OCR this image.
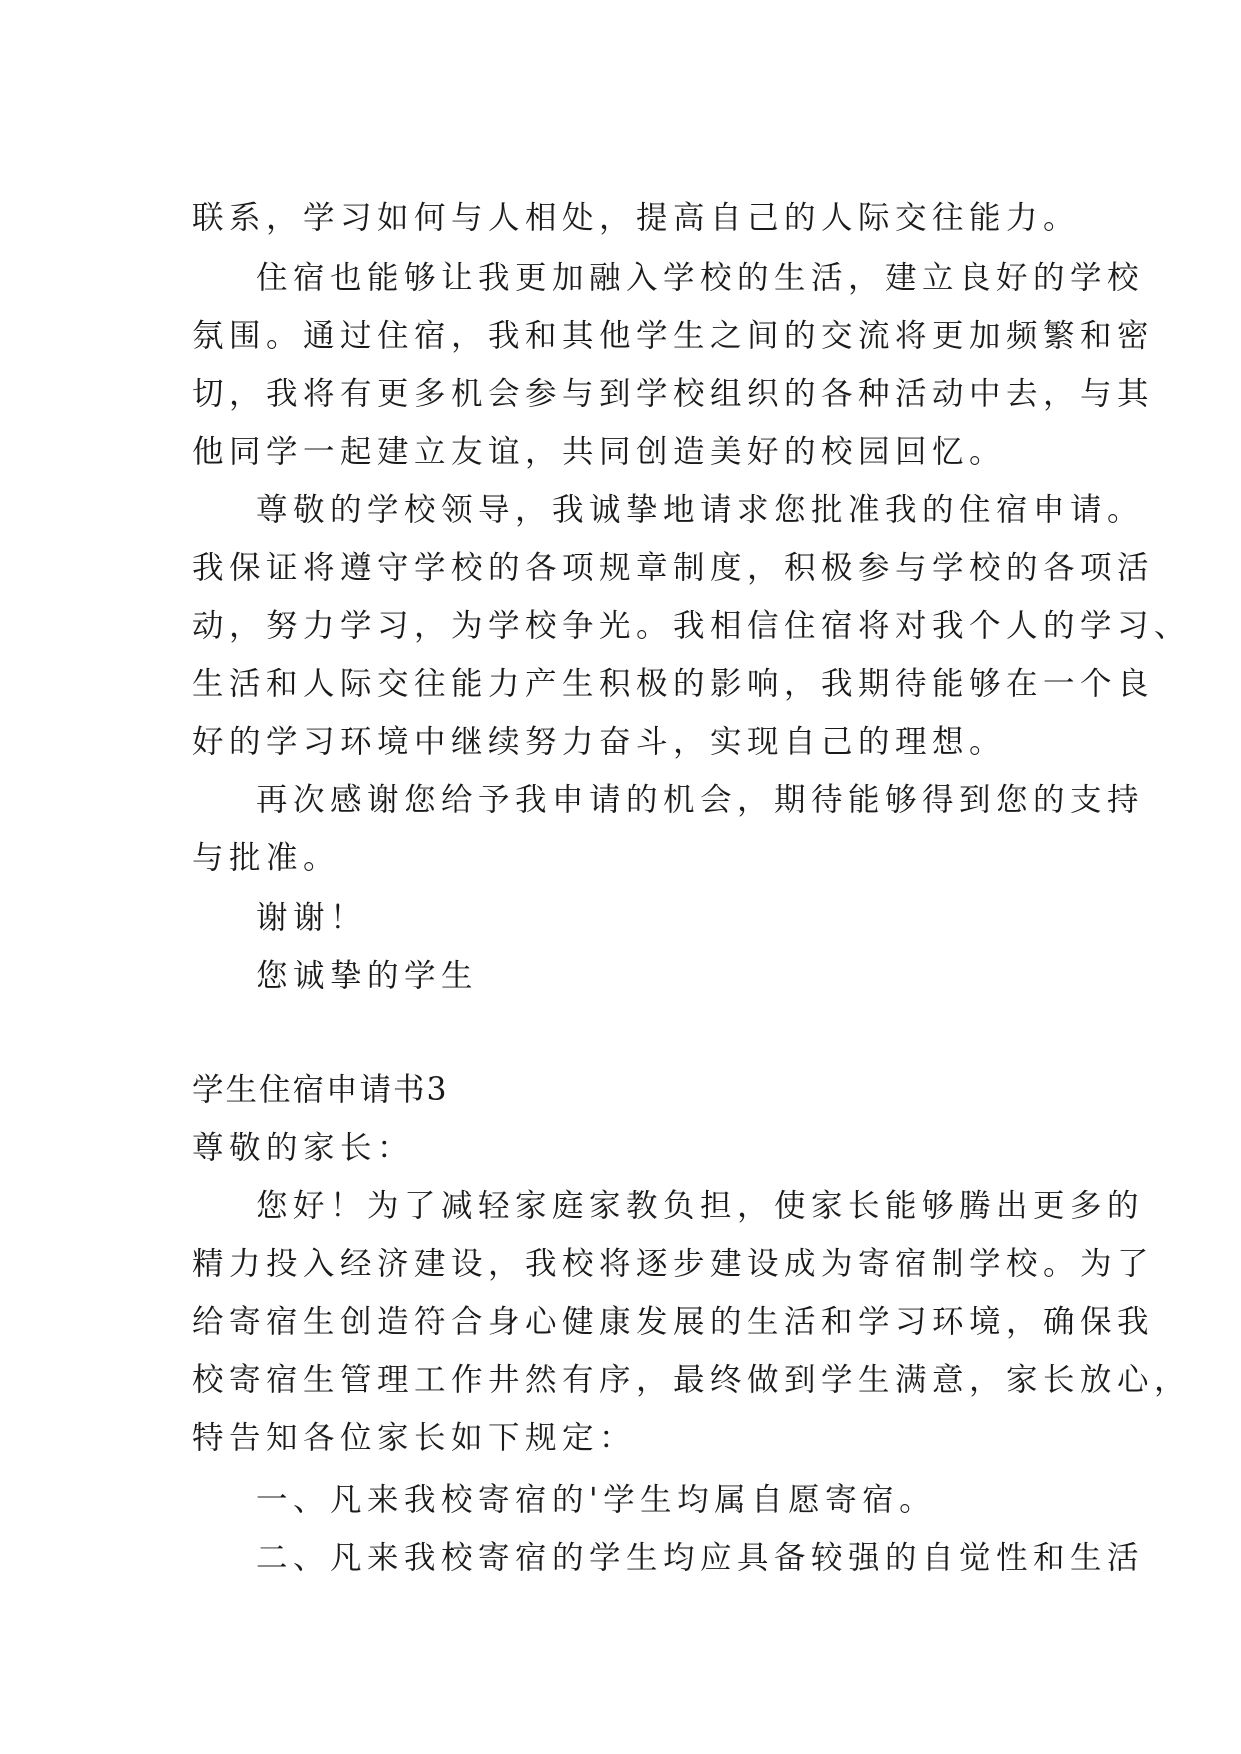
联系，学习如何与人相处，提高自己的人际交往能力。

住宿也能够让我更加融入学校的生活，建立良好的学校

氛围。通过住宿，我和其他学生之间的交流将更加频繁和密

切，我将有更多机会参与到学校组织的各种活动中去，与其

他同学一起建立友谊，共同创造美好的校园回忆。

尊敬的学校领导，我诚挚地请求您批准我的住宿申请。

我保证将遵守学校的各项规章制度，积极参与学校的各项活

动，努力学习，为学校争光。我相信住宿将对我个人的学习、

生活和人际交往能力产生积极的影响，我期待能够在一个良

好的学习环境中继续努力奋斗，实现自己的理想。

再次感谢您给予我申请的机会，期待能够得到您的支持

与批准。

谢谢！

您诚挚的学生

学生住宿申请书3

尊敬的家长：

您好！为了减轻家庭家教负担，使家长能够腾出更多的

精力投入经济建设，我校将逐步建设成为寄宿制学校。为了

给寄宿生创造符合身心健康发展的生活和学习环境，确保我

校寄宿生管理工作井然有序，最终做到学生满意，家长放心，

特告知各位家长如下规定：

一、凡来我校寄宿的'学生均属自愿寄宿。

二、凡来我校寄宿的学生均应具备较强的自觉性和生活
